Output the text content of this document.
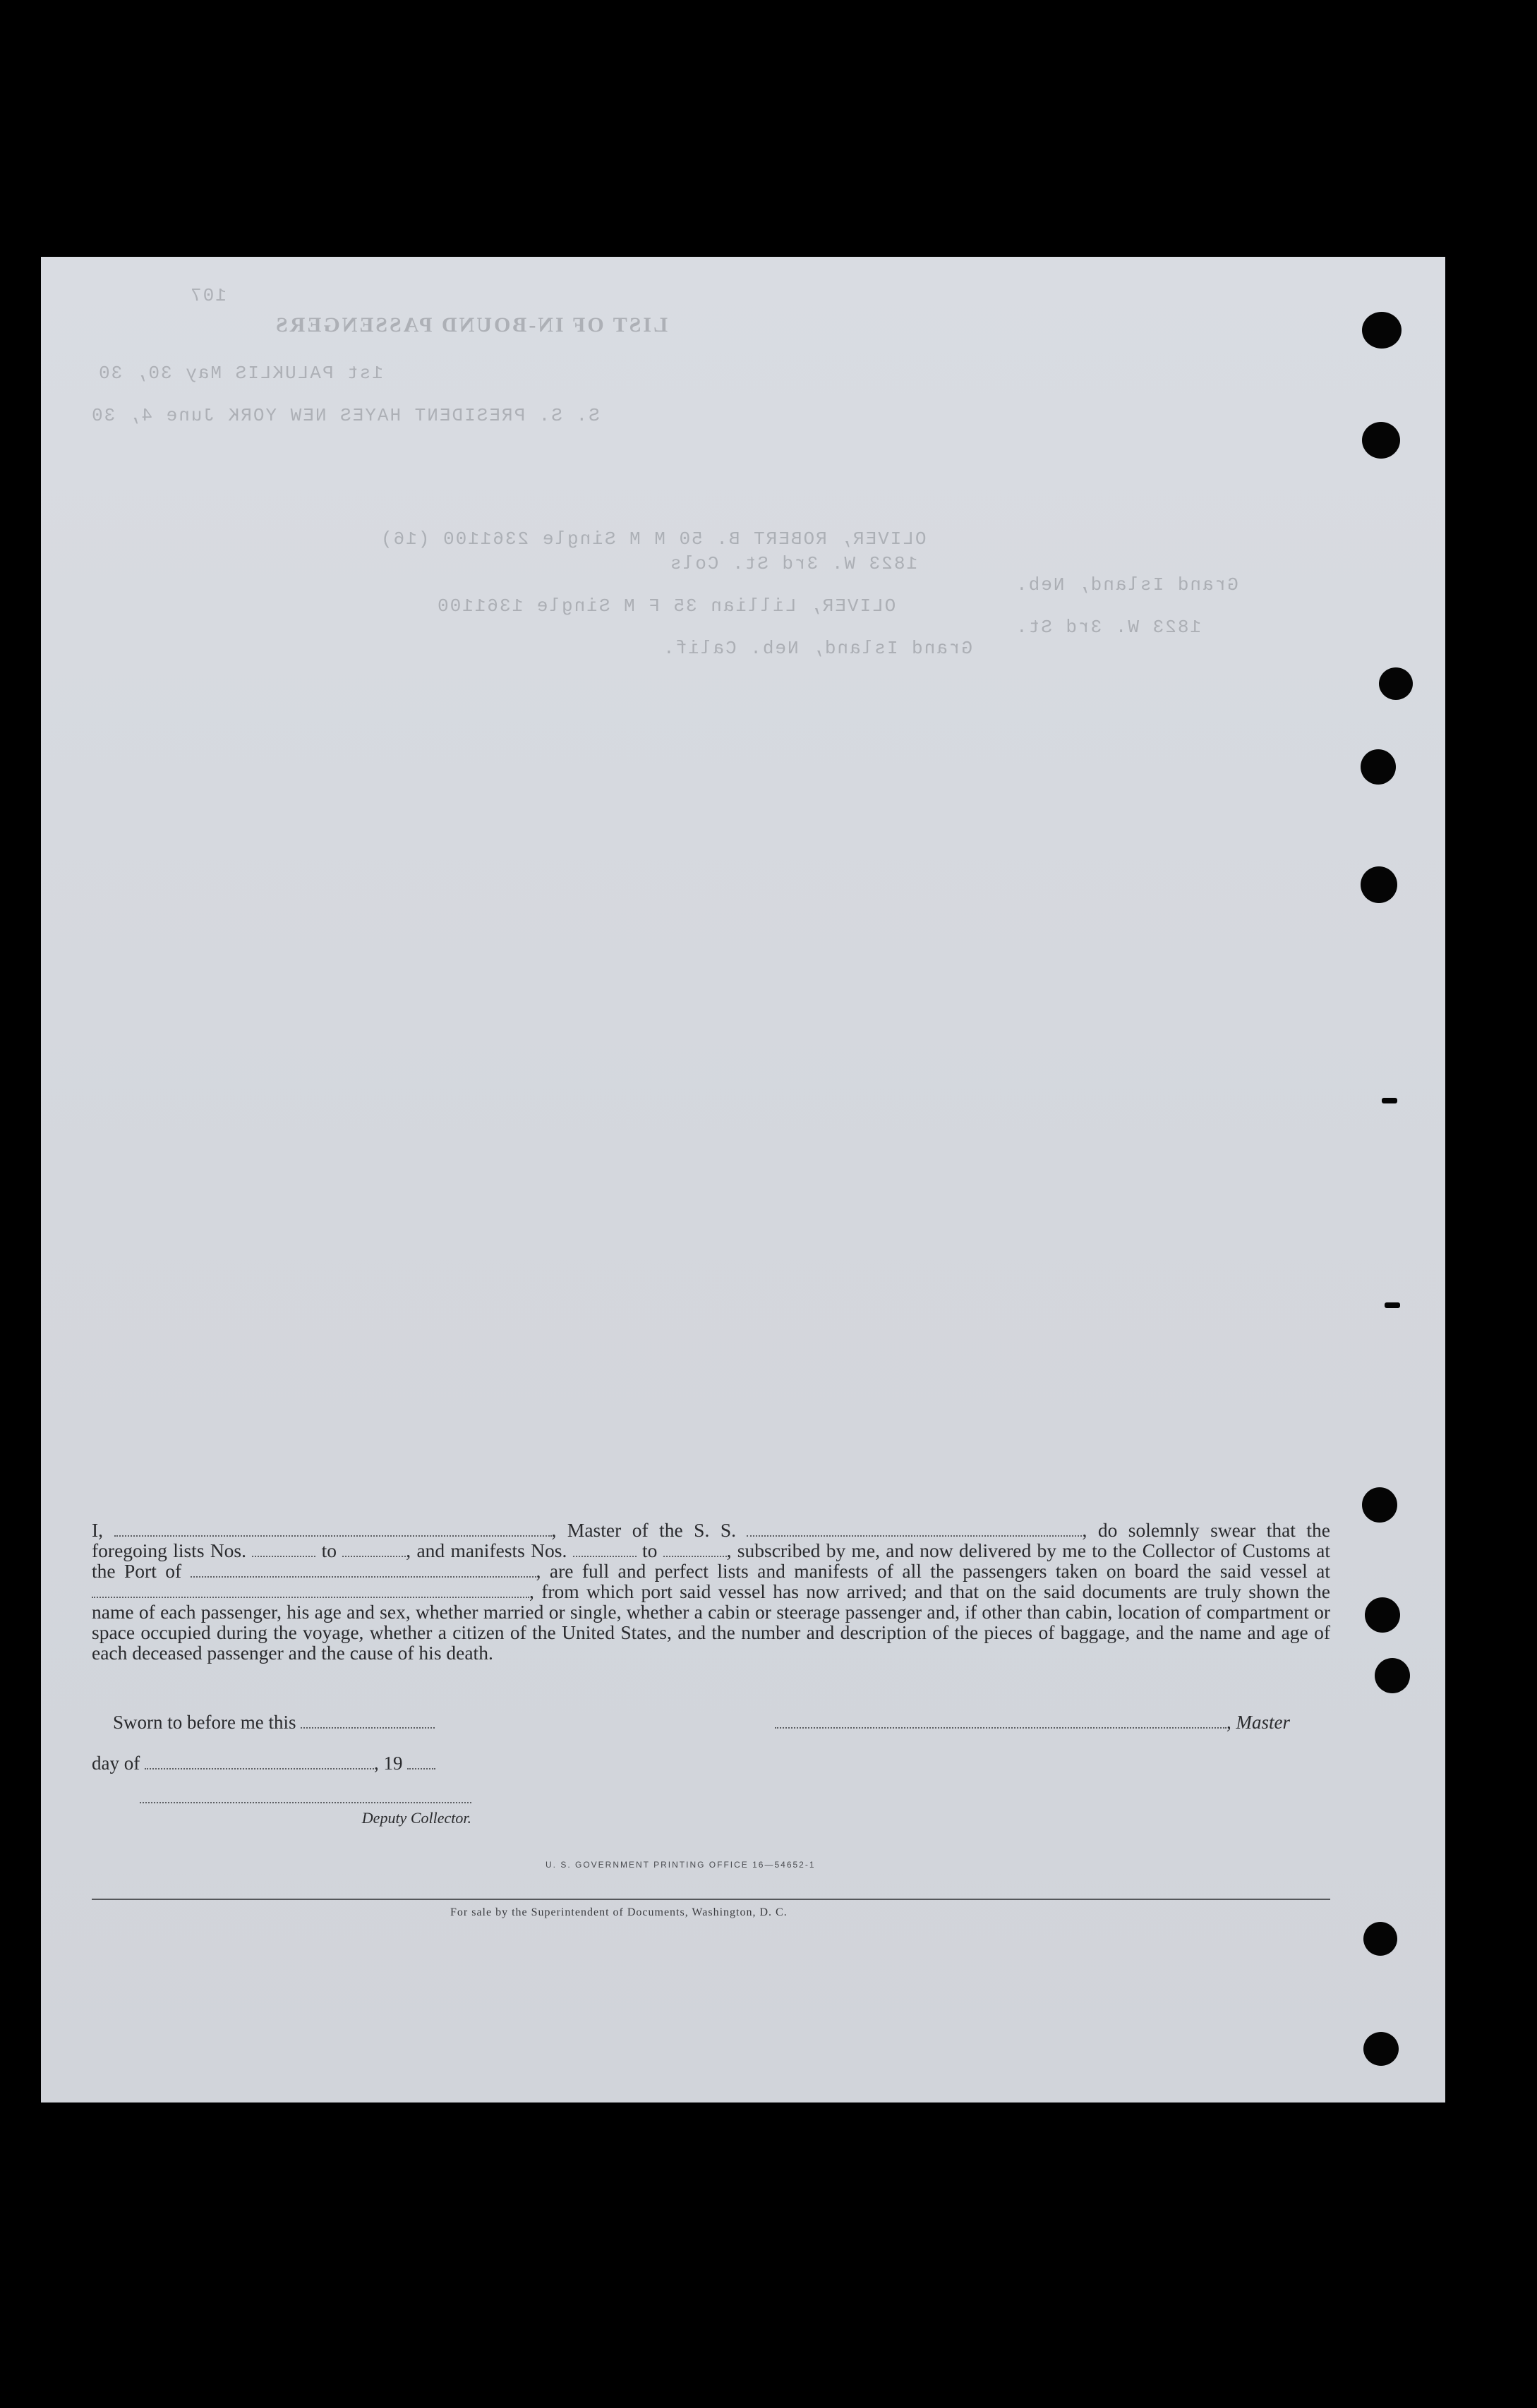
107
LIST OF IN-BOUND PASSENGERS
1st PALUKLIS May 30, 30
S. S. PRESIDENT HAYES NEW YORK June 4, 30
OLIVER, ROBERT B. 50 M M Single 2361100 (16)
1823 W. 3rd St. Cols
Grand Island, Neb.
OLIVER, Lillian 35 F M Single 1361100
1823 W. 3rd St.
Grand Island, Neb. Calif.

I,	, Master of the S. S.	, do solemnly swear that the foregoing lists Nos.	to	, and manifests Nos.	to	, subscribed by me, and now delivered by me to the Collector of Customs at the Port of	, are full and perfect lists and manifests of all the passengers taken on board the said vessel at , from which port said vessel has now arrived; and that on the said documents are truly shown the name of each passenger, his age and sex, whether married or single, whether a cabin or steerage passenger and, if other than cabin, location of compartment or space occupied during the voyage, whether a citizen of the United States, and the number and description of the pieces of baggage, and the name and age of each deceased passenger and the cause of his death.

Sworn to before me this	, Master
day of	, 19
Deputy Collector.
U. S. GOVERNMENT PRINTING OFFICE 16—54652-1
For sale by the Superintendent of Documents, Washington, D. C.
